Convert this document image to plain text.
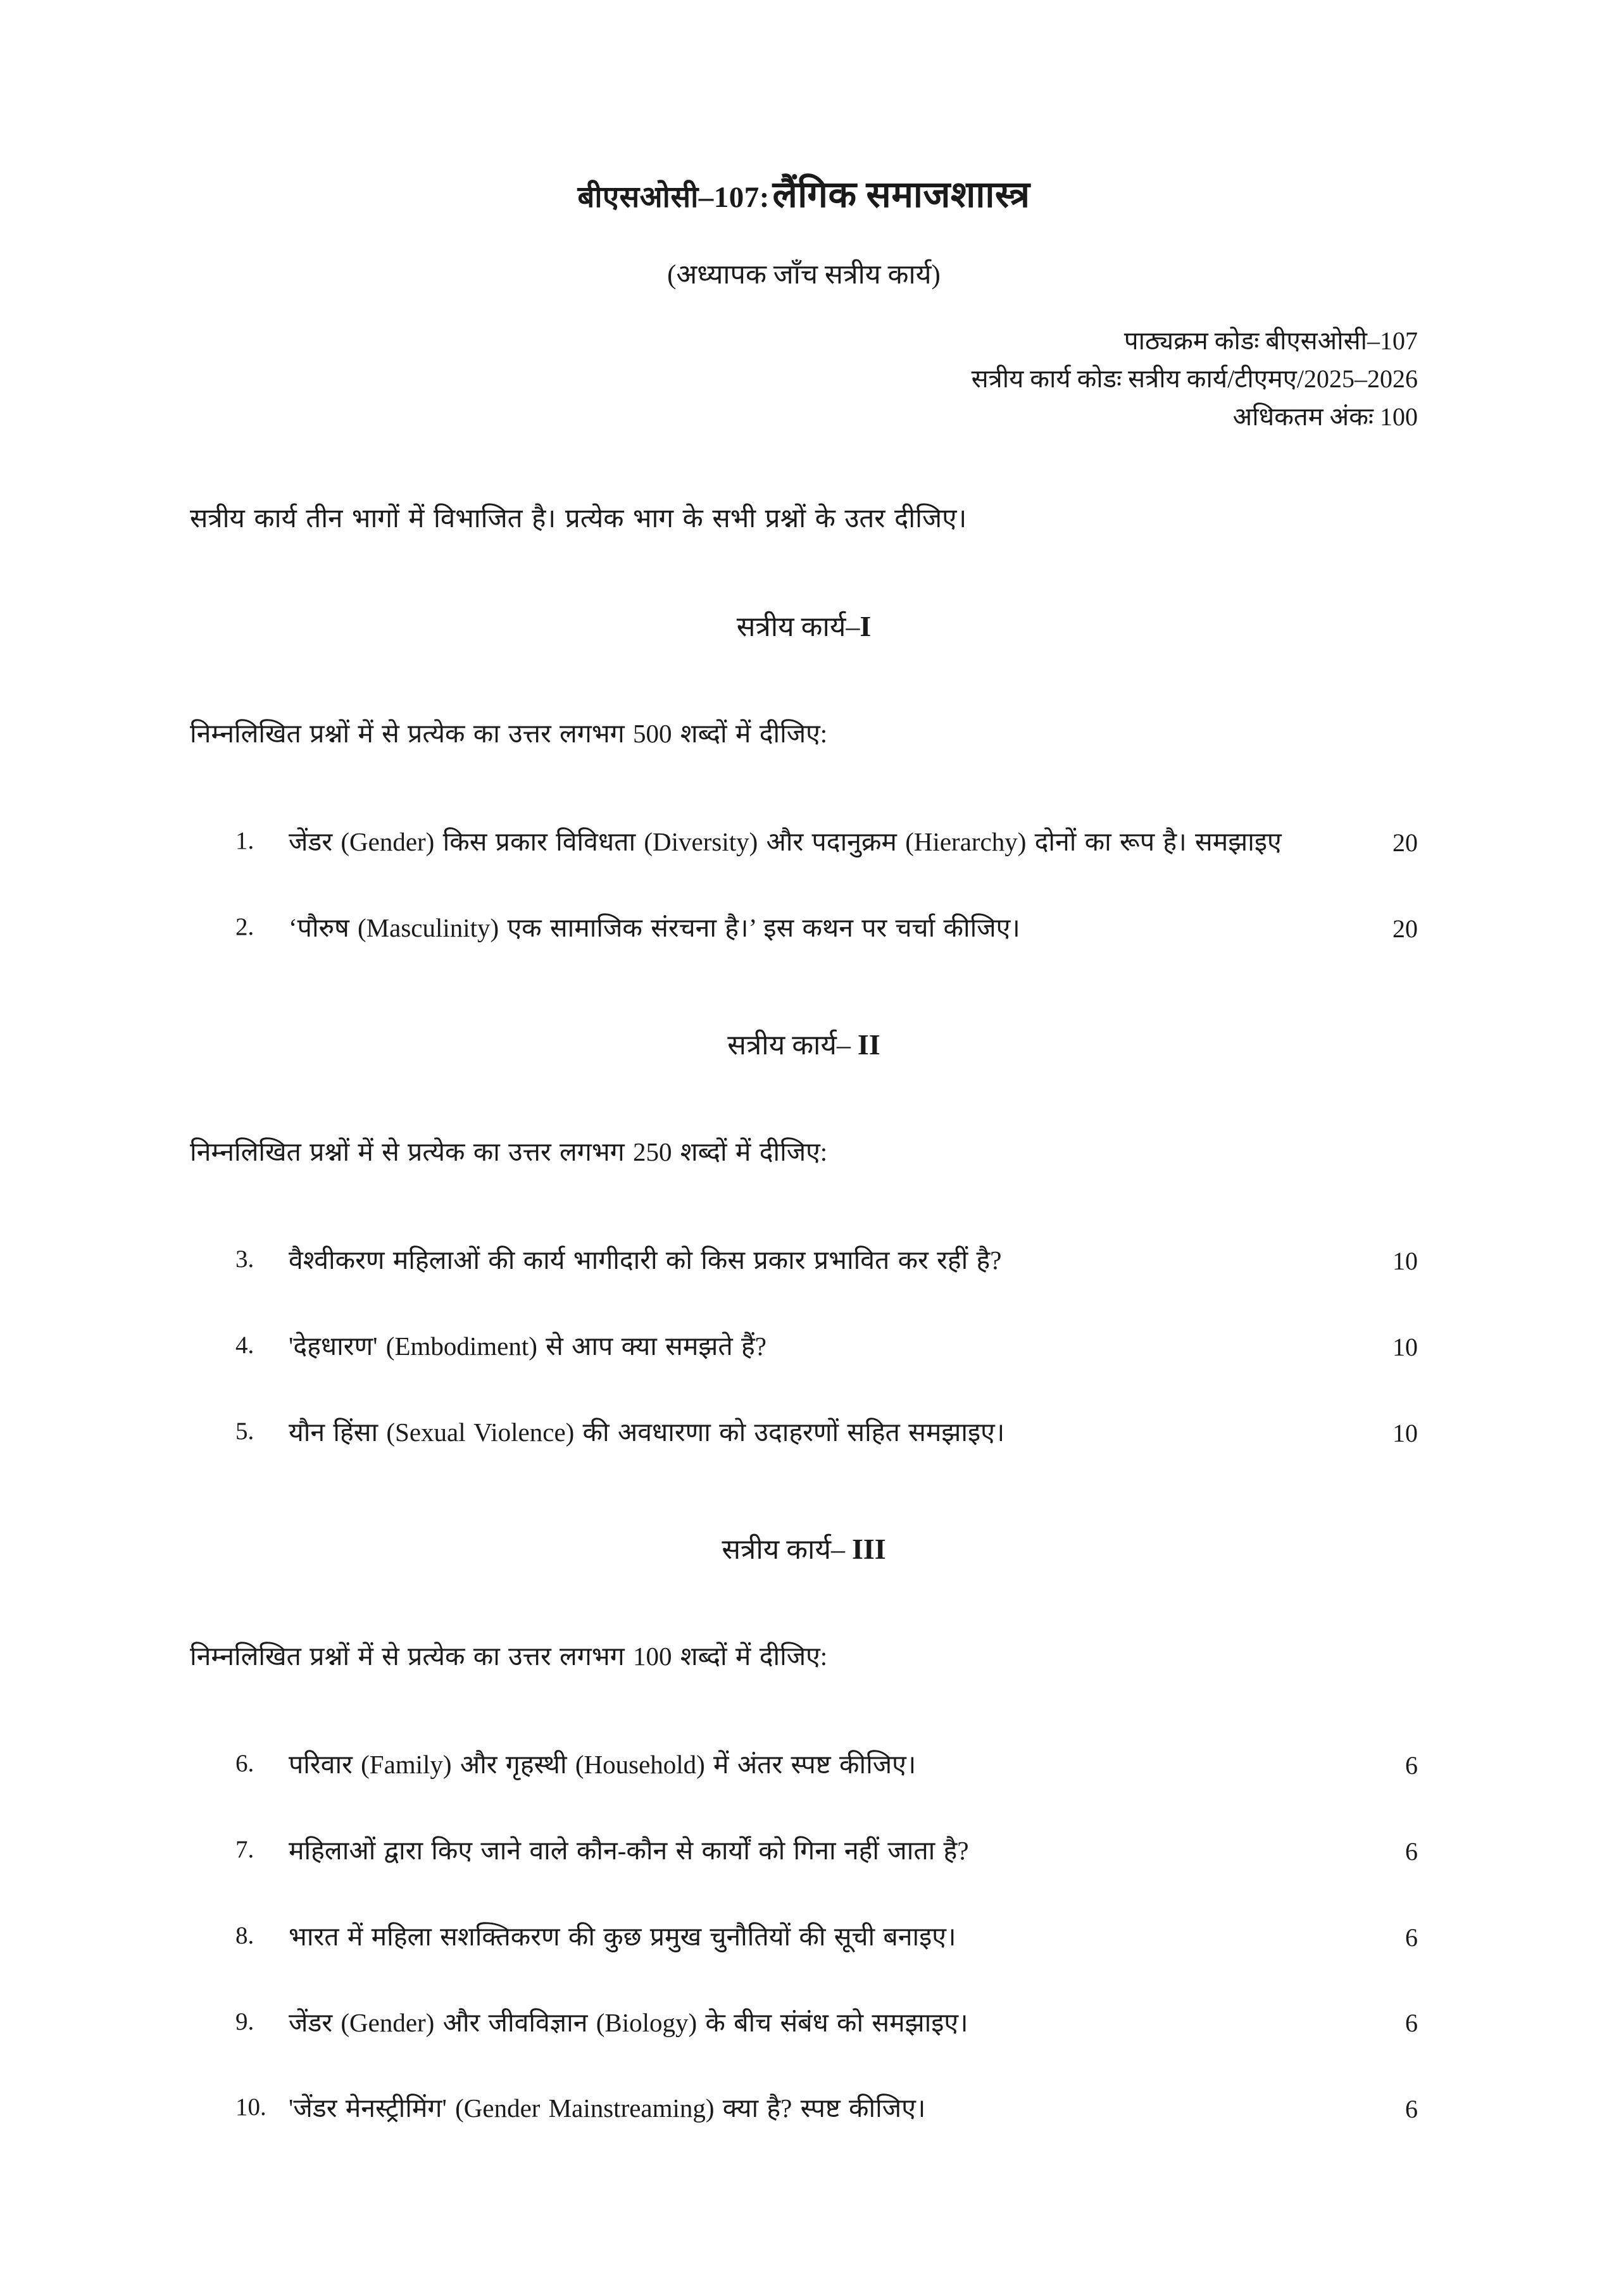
बीएसओसी–107: लैंगिक समाजशाास्त्र
(अध्यापक जाँच सत्रीय कार्य)
पाठ्यक्रम कोडः बीएसओसी–107
सत्रीय कार्य कोडः सत्रीय कार्य/टीएमए/2025–2026
अधिकतम अंकः 100
सत्रीय कार्य तीन भागों में विभाजित है। प्रत्येक भाग के सभी प्रश्नों के उतर दीजिए।
सत्रीय कार्य–I
निम्नलिखित प्रश्नों में से प्रत्येक का उत्तर लगभग 500 शब्दों में दीजिए:
1.	जेंडर (Gender) किस प्रकार विविधता (Diversity) और पदानुक्रम (Hierarchy) दोनों का रूप है। समझाइए	20
2.	‘पौरुष (Masculinity) एक सामाजिक संरचना है।’ इस कथन पर चर्चा कीजिए।	20
सत्रीय कार्य– II
निम्नलिखित प्रश्नों में से प्रत्येक का उत्तर लगभग 250 शब्दों में दीजिए:
3.	वैश्वीकरण महिलाओं की कार्य भागीदारी को किस प्रकार प्रभावित कर रहीं है?	10
4.	'देहधारण' (Embodiment) से आप क्या समझते हैं?	10
5.	यौन हिंसा (Sexual Violence) की अवधारणा को उदाहरणों सहित समझाइए।	10
सत्रीय कार्य– III
निम्नलिखित प्रश्नों में से प्रत्येक का उत्तर लगभग 100 शब्दों में दीजिए:
6.	परिवार (Family) और गृहस्थी (Household) में अंतर स्पष्ट कीजिए।	6
7.	महिलाओं द्वारा किए जाने वाले कौन-कौन से कार्यों को गिना नहीं जाता है?	6
8.	भारत में महिला सशक्तिकरण की कुछ प्रमुख चुनौतियों की सूची बनाइए।	6
9.	जेंडर (Gender) और जीवविज्ञान (Biology) के बीच संबंध को समझाइए।	6
10. 'जेंडर मेनस्ट्रीमिंग' (Gender Mainstreaming) क्या है? स्पष्ट कीजिए।	6
